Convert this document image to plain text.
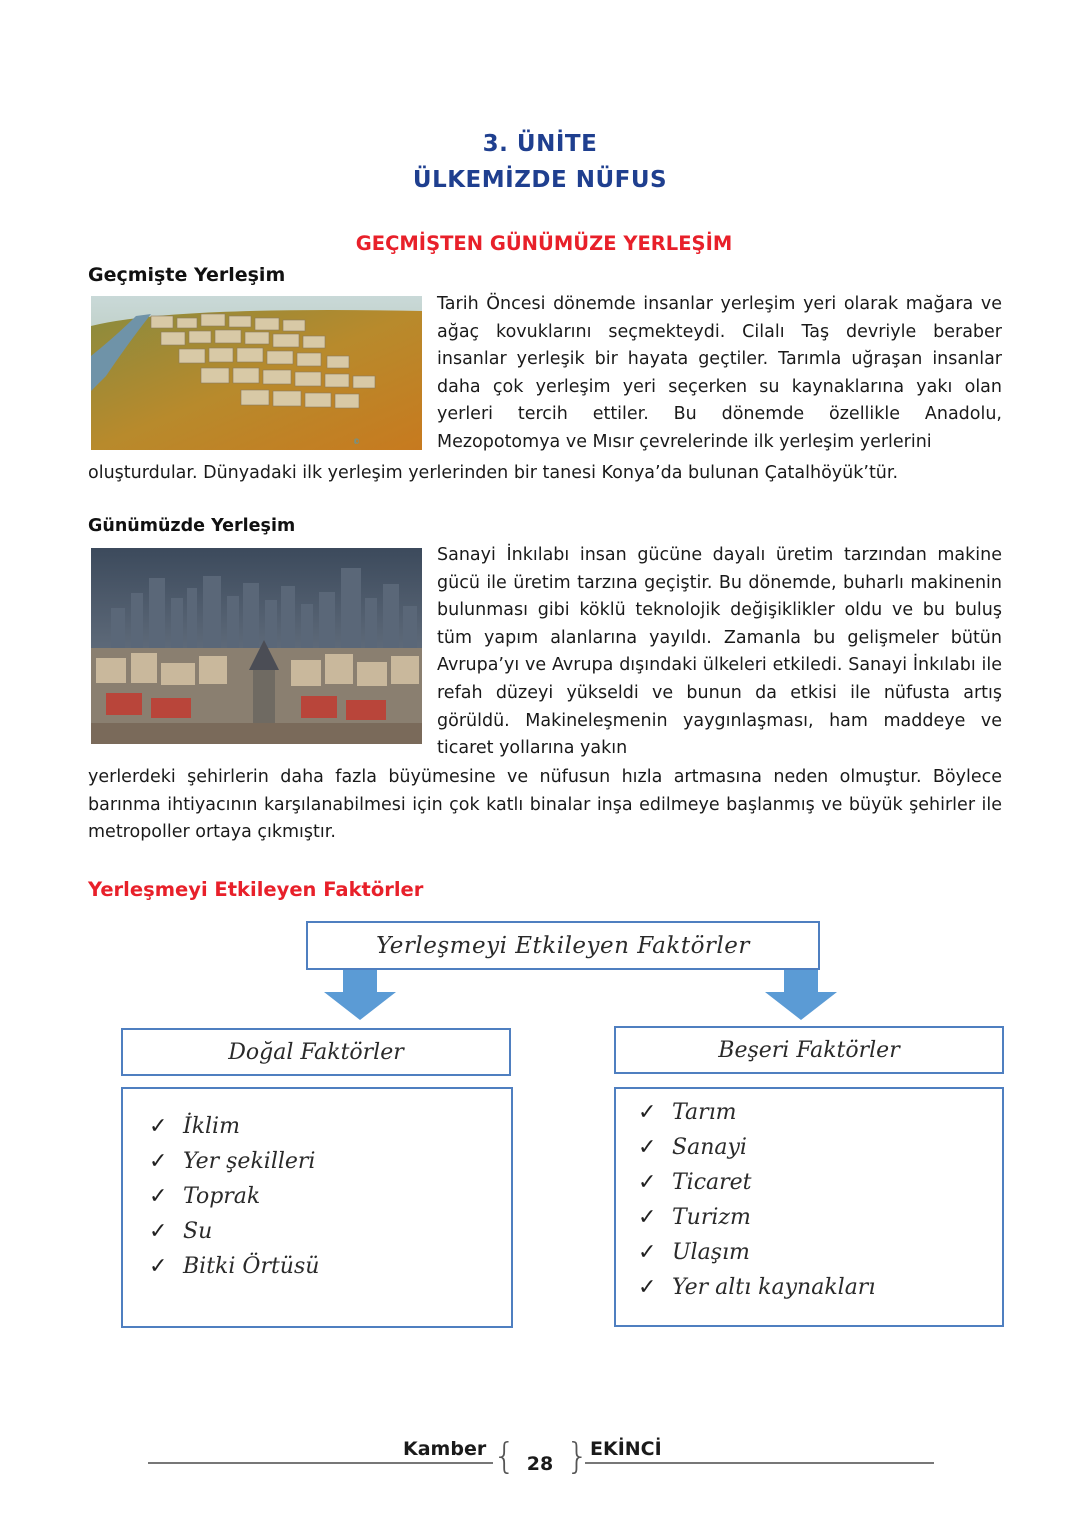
3. ÜNİTE
ÜLKEMİZDE NÜFUS
GEÇMİŞTEN GÜNÜMÜZE YERLEŞİM
Geçmişte Yerleşim
©

Tarih Öncesi dönemde insanlar yerleşim yeri olarak mağara ve ağaç kovuklarını seçmekteydi. Cilalı Taş devriyle beraber insanlar yerleşik bir hayata geçtiler. Tarımla uğraşan insanlar daha çok yerleşim yeri seçerken su kaynaklarına yakı olan yerleri tercih ettiler. Bu dönemde özellikle Anadolu, Mezopotomya ve Mısır çevrelerinde ilk yerleşim yerlerini

oluşturdular. Dünyadaki ilk yerleşim yerlerinden bir tanesi Konya’da bulunan Çatalhöyük’tür.

Günümüzde Yerleşim

Sanayi İnkılabı insan gücüne dayalı üretim tarzından makine gücü ile üretim tarzına geçiştir. Bu dönemde, buharlı makinenin bulunması gibi köklü teknolojik değişiklikler oldu ve bu buluş tüm yapım alanlarına yayıldı. Zamanla bu gelişmeler bütün Avrupa’yı ve Avrupa dışındaki ülkeleri etkiledi. Sanayi İnkılabı ile refah düzeyi yükseldi ve bunun da etkisi ile nüfusta artış görüldü. Makineleşmenin yaygınlaşması, ham maddeye ve ticaret yollarına yakın

yerlerdeki şehirlerin daha fazla büyümesine ve nüfusun hızla artmasına neden olmuştur. Böylece barınma ihtiyacının karşılanabilmesi için çok katlı binalar inşa edilmeye başlanmış ve büyük şehirler ile metropoller ortaya çıkmıştır.

Yerleşmeyi Etkileyen Faktörler
Yerleşmeyi Etkileyen Faktörler
Doğal Faktörler
✓ İklim
✓ Yer şekilleri
✓ Toprak
✓ Su
✓ Bitki Örtüsü
Beşeri Faktörler
✓ Tarım
✓ Sanayi
✓ Ticaret
✓ Turizm
✓ Ulaşım
✓ Yer altı kaynakları
Kamber	EKİNCİ
{ }
28
